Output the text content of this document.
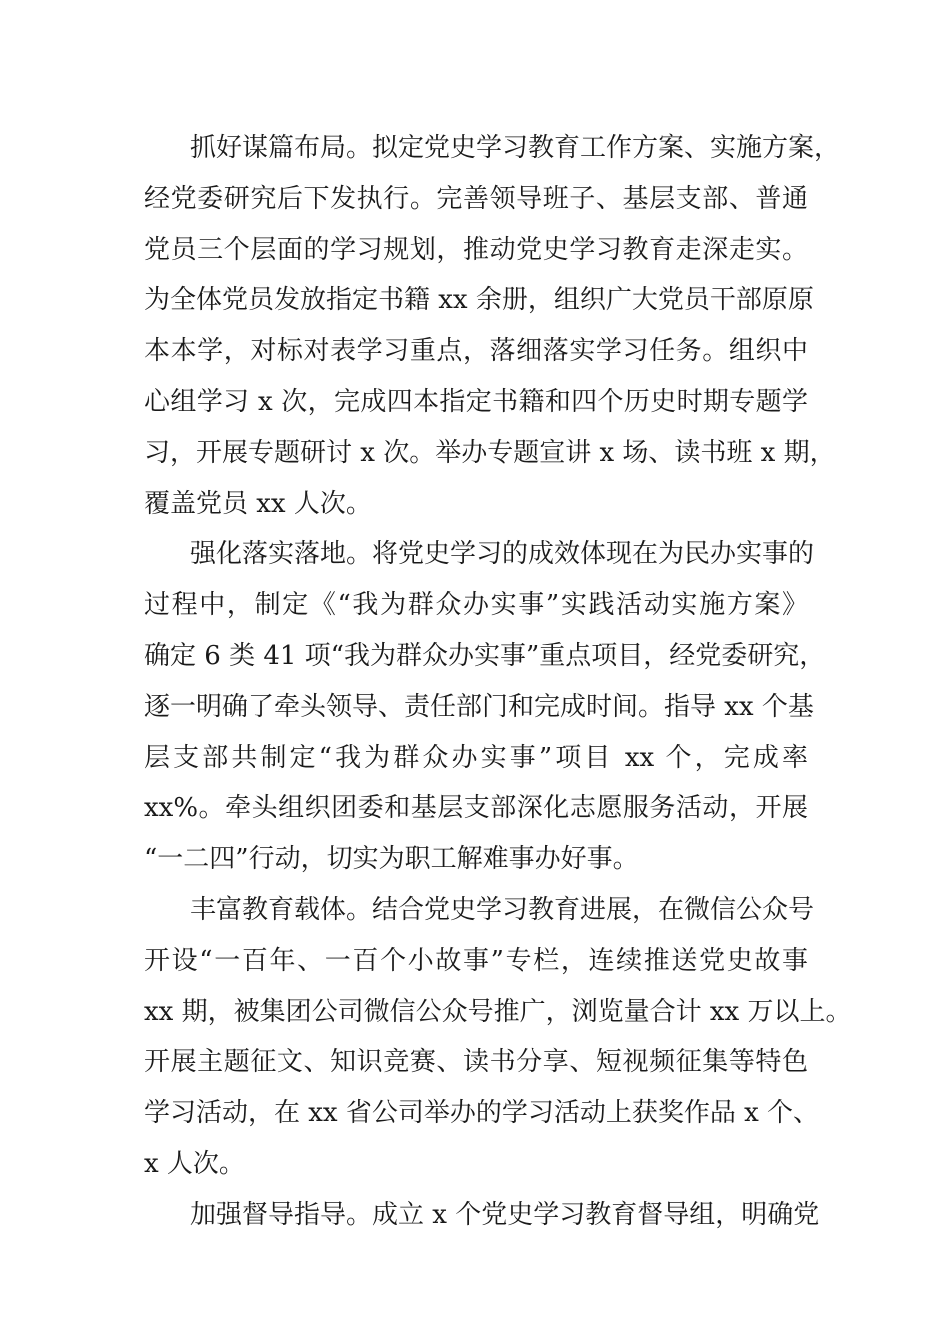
抓好谋篇布局。拟定党史学习教育工作方案、实施方案，
经党委研究后下发执行。完善领导班子、基层支部、普通
党员三个层面的学习规划，推动党史学习教育走深走实。
为全体党员发放指定书籍 xx 余册，组织广大党员干部原原
本本学，对标对表学习重点，落细落实学习任务。组织中
心组学习 x 次，完成四本指定书籍和四个历史时期专题学
习，开展专题研讨 x 次。举办专题宣讲 x 场、读书班 x 期，
覆盖党员 xx 人次。
强化落实落地。将党史学习的成效体现在为民办实事的
过程中，制定《“我为群众办实事”实践活动实施方案》
确定 6 类 41 项“我为群众办实事”重点项目，经党委研究，
逐一明确了牵头领导、责任部门和完成时间。指导 xx 个基
层支部共制定“我为群众办实事”项目 xx 个，完成率
xx%。牵头组织团委和基层支部深化志愿服务活动，开展
“一二四”行动，切实为职工解难事办好事。
丰富教育载体。结合党史学习教育进展，在微信公众号
开设“一百年、一百个小故事”专栏，连续推送党史故事
xx 期，被集团公司微信公众号推广，浏览量合计 xx 万以上。
开展主题征文、知识竞赛、读书分享、短视频征集等特色
学习活动，在 xx 省公司举办的学习活动上获奖作品 x 个、
x 人次。
加强督导指导。成立 x 个党史学习教育督导组，明确党
